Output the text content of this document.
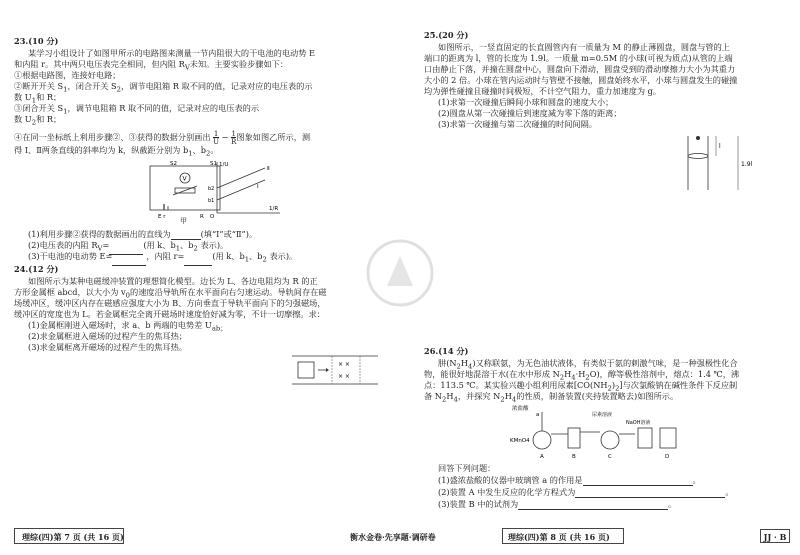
23.(10 分)
某学习小组设计了如图甲所示的电路图来测量一节内阻很大的干电池的电动势 E
和内阻 r。其中两只电压表完全相同，但内阻 $R_V$未知。主要实验步骤如下：
①根据电路图，连接好电路；
②断开开关 $S_1$，闭合开关 $S_2$，调节电阻箱 R 取不同的值，记录对应的电压表的示
数 $U_1$和 R；
③闭合开关 $S_1$，调节电阻箱 R 取不同的值，记录对应的电压表的示
数 $U_2$和 R；
④在同一坐标纸上利用步骤②、③获得的数据分别画出 1
U − 1
R图象如图乙所示，测
得 Ⅰ、Ⅱ两条直线的斜率均为 k，纵截距分别为 $b_1$、$b_2$。
V
S2	S1
E r	R
甲
1/U
1/R
b2
b1
O
Ⅱ
Ⅰ
(1)利用步骤②获得的数据画出的直线为	(填“Ⅰ”或“Ⅱ”)。
(2)电压表的内阻 $R_V=$	(用 k、$b_1$、$b_2$ 表示)。
(3)干电池的电动势 E=	，内阻 r=	(用 k、$b_1$、$b_2$ 表示)。
24.(12 分)
如图所示为某种电磁缓冲装置的理想简化模型。边长为 L、各边电阻均为 R 的正
方形金属框 abcd，以大小为 $v_0$的速度沿导轨所在水平面向右匀速运动。导轨间存在磁
场缓冲区，缓冲区内存在磁感应强度大小为 B、方向垂直于导轨平面向下的匀强磁场，
缓冲区的宽度也为 L。若金属框完全离开磁场时速度恰好减为零，不计一切摩擦。求：
(1)金属框刚进入磁场时，求 a、b 两端的电势差 $U_{ab;}$
(2)求金属框进入磁场的过程产生的焦耳热；
(3)求金属框离开磁场的过程产生的焦耳热。
× ×
× ×
理综(四)第 7 页 (共 16 页)	衡水金卷·先享题·调研卷
25.(20 分)
如图所示，一竖直固定的长直圆管内有一质量为 M 的静止薄圆盘，圆盘与管的上
端口的距离为 l，管的长度为 1.9l。一质量 m=0.5M 的小球(可视为质点)从管的上端
口由静止下落，并撞在圆盘中心，圆盘向下滑动，圆盘受到的滑动摩擦力大小为其重力
大小的 2 倍。小球在管内运动时与管壁不接触，圆盘始终水平，小球与圆盘发生的碰撞
均为弹性碰撞且碰撞时间极短，不计空气阻力，重力加速度为 g。
(1)求第一次碰撞后瞬间小球和圆盘的速度大小；
(2)圆盘从第一次碰撞后到速度减为零下落的距离；
(3)求第一次碰撞与第二次碰撞的时间间隔。
l
1.9l
26.(14 分)
肼$(N_2H_4)$又称联氨，为无色油状液体，有类似于氨的刺激气味，是一种强极性化合
物，能很好地混溶于水(在水中形成 $N_2H_4\cdot H_2O$)，醇等极性溶剂中，熔点：1.4 ℃，沸
点：113.5 ℃。某实验兴趣小组利用尿素$[CO(NH_2)_2]$与次氯酸钠在碱性条件下反应制
备 $N_2H_4$，并探究 $N_2H_4$的性质，制备装置(夹持装置略去)如图所示。
浓盐酸
a
KMnO4
尿素溶液
NaOH溶液
A	B	C	D
回答下列问题：
(1)盛浓盐酸的仪器中玻璃管 a 的作用是	。
(2)装置 A 中发生反应的化学方程式为	。
(3)装置 B 中的试剂为	。
理综(四)第 8 页 (共 16 页)	JJ · B
